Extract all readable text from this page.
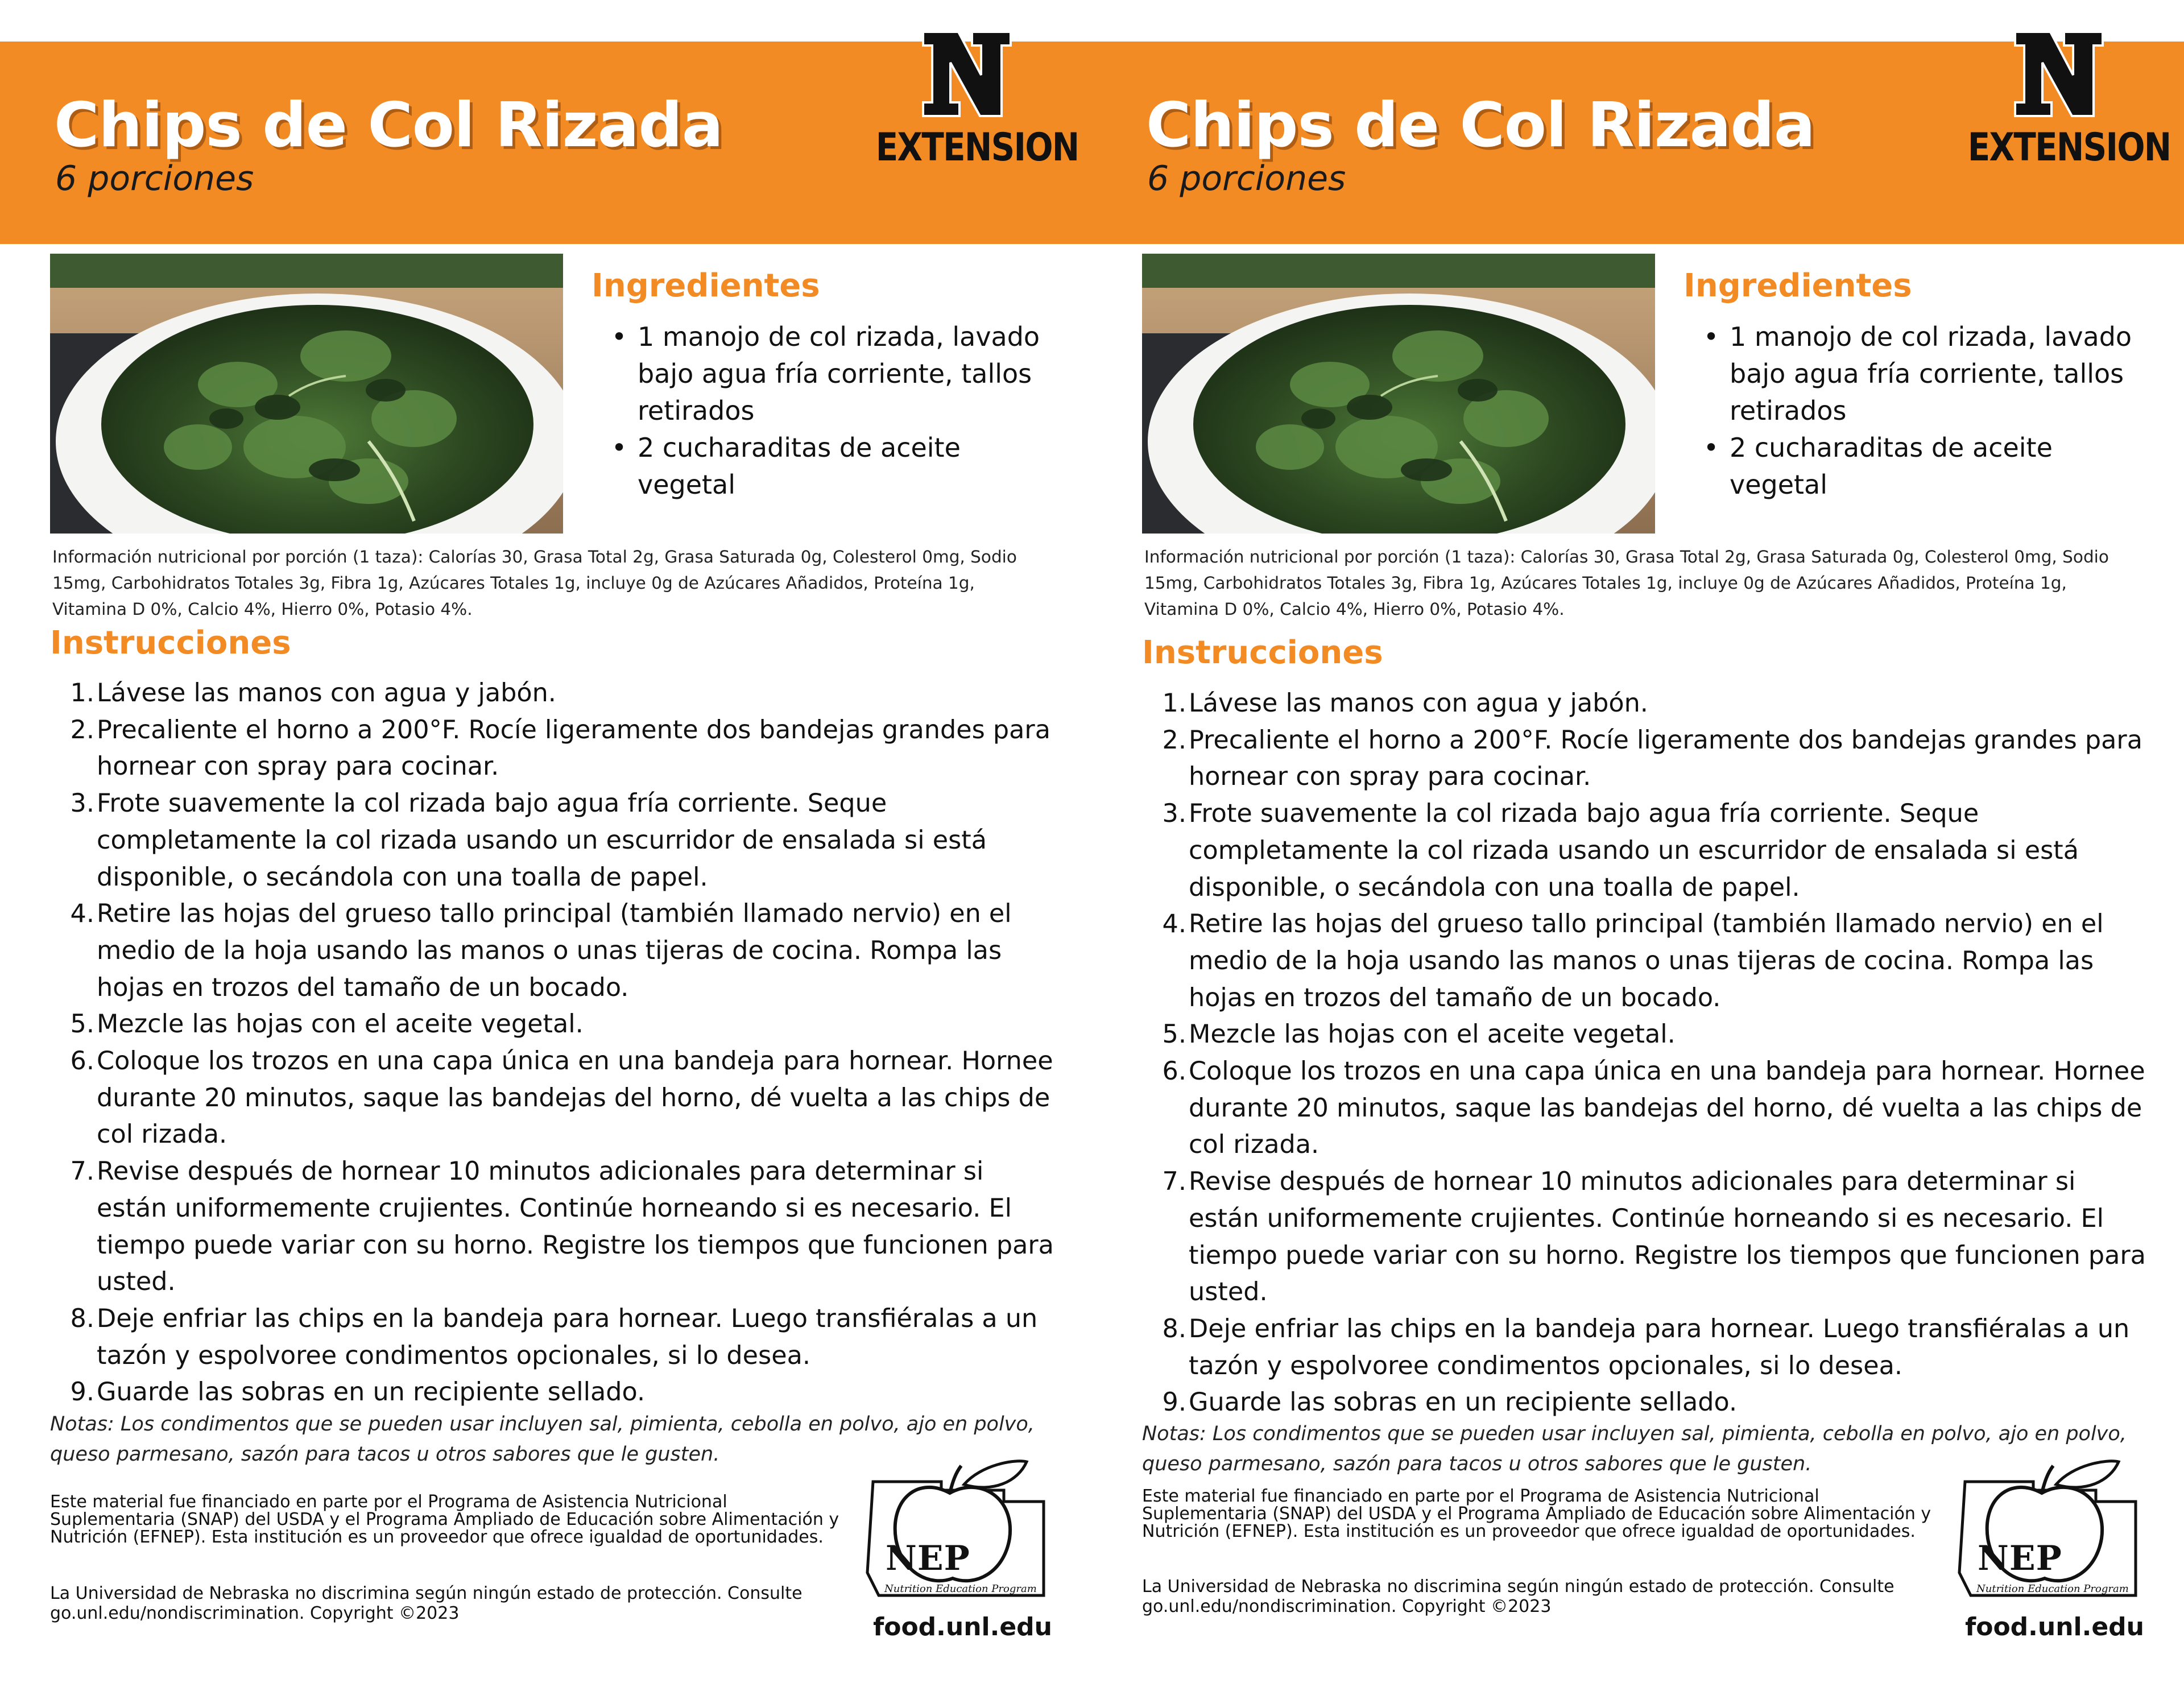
Chips de Col Rizada
6 porciones
EXTENSION
Ingredientes
• 1 manojo de col rizada, lavado bajo agua fría corriente, tallos retirados
• 2 cucharaditas de aceite vegetal

Información nutricional por porción (1 taza): Calorías 30, Grasa Total 2g, Grasa Saturada 0g, Colesterol 0mg, Sodio 15mg, Carbohidratos Totales 3g, Fibra 1g, Azúcares Totales 1g, incluye 0g de Azúcares Añadidos, Proteína 1g, Vitamina D 0%, Calcio 4%, Hierro 0%, Potasio 4%.

Instrucciones
1. Lávese las manos con agua y jabón.
2. Precaliente el horno a 200°F. Rocíe ligeramente dos bandejas grandes para hornear con spray para cocinar.
3. Frote suavemente la col rizada bajo agua fría corriente. Seque completamente la col rizada usando un escurridor de ensalada si está disponible, o secándola con una toalla de papel.
4. Retire las hojas del grueso tallo principal (también llamado nervio) en el medio de la hoja usando las manos o unas tijeras de cocina. Rompa las hojas en trozos del tamaño de un bocado.
5. Mezcle las hojas con el aceite vegetal.
6. Coloque los trozos en una capa única en una bandeja para hornear. Hornee durante 20 minutos, saque las bandejas del horno, dé vuelta a las chips de col rizada.
7. Revise después de hornear 10 minutos adicionales para determinar si están uniformemente crujientes. Continúe horneando si es necesario. El tiempo puede variar con su horno. Registre los tiempos que funcionen para usted.
8. Deje enfriar las chips en la bandeja para hornear. Luego transfiéralas a un tazón y espolvoree condimentos opcionales, si lo desea.
9. Guarde las sobras en un recipiente sellado.

Notas: Los condimentos que se pueden usar incluyen sal, pimienta, cebolla en polvo, ajo en polvo, queso parmesano, sazón para tacos u otros sabores que le gusten.

Este material fue financiado en parte por el Programa de Asistencia Nutricional Suplementaria (SNAP) del USDA y el Programa Ampliado de Educación sobre Alimentación y Nutrición (EFNEP). Esta institución es un proveedor que ofrece igualdad de oportunidades.

La Universidad de Nebraska no discrimina según ningún estado de protección. Consulte go.unl.edu/nondiscrimination. Copyright ©2023

NEP
Nutrition Education Program

food.unl.edu

Chips de Col Rizada
6 porciones
EXTENSION
Ingredientes
• 1 manojo de col rizada, lavado bajo agua fría corriente, tallos retirados
• 2 cucharaditas de aceite vegetal

Información nutricional por porción (1 taza): Calorías 30, Grasa Total 2g, Grasa Saturada 0g, Colesterol 0mg, Sodio 15mg, Carbohidratos Totales 3g, Fibra 1g, Azúcares Totales 1g, incluye 0g de Azúcares Añadidos, Proteína 1g, Vitamina D 0%, Calcio 4%, Hierro 0%, Potasio 4%.

Instrucciones
1. Lávese las manos con agua y jabón.
2. Precaliente el horno a 200°F. Rocíe ligeramente dos bandejas grandes para hornear con spray para cocinar.
3. Frote suavemente la col rizada bajo agua fría corriente. Seque completamente la col rizada usando un escurridor de ensalada si está disponible, o secándola con una toalla de papel.
4. Retire las hojas del grueso tallo principal (también llamado nervio) en el medio de la hoja usando las manos o unas tijeras de cocina. Rompa las hojas en trozos del tamaño de un bocado.
5. Mezcle las hojas con el aceite vegetal.
6. Coloque los trozos en una capa única en una bandeja para hornear. Hornee durante 20 minutos, saque las bandejas del horno, dé vuelta a las chips de col rizada.
7. Revise después de hornear 10 minutos adicionales para determinar si están uniformemente crujientes. Continúe horneando si es necesario. El tiempo puede variar con su horno. Registre los tiempos que funcionen para usted.
8. Deje enfriar las chips en la bandeja para hornear. Luego transfiéralas a un tazón y espolvoree condimentos opcionales, si lo desea.
9. Guarde las sobras en un recipiente sellado.

Notas: Los condimentos que se pueden usar incluyen sal, pimienta, cebolla en polvo, ajo en polvo, queso parmesano, sazón para tacos u otros sabores que le gusten.

Este material fue financiado en parte por el Programa de Asistencia Nutricional Suplementaria (SNAP) del USDA y el Programa Ampliado de Educación sobre Alimentación y Nutrición (EFNEP). Esta institución es un proveedor que ofrece igualdad de oportunidades.

La Universidad de Nebraska no discrimina según ningún estado de protección. Consulte go.unl.edu/nondiscrimination. Copyright ©2023

NEP
Nutrition Education Program

food.unl.edu
